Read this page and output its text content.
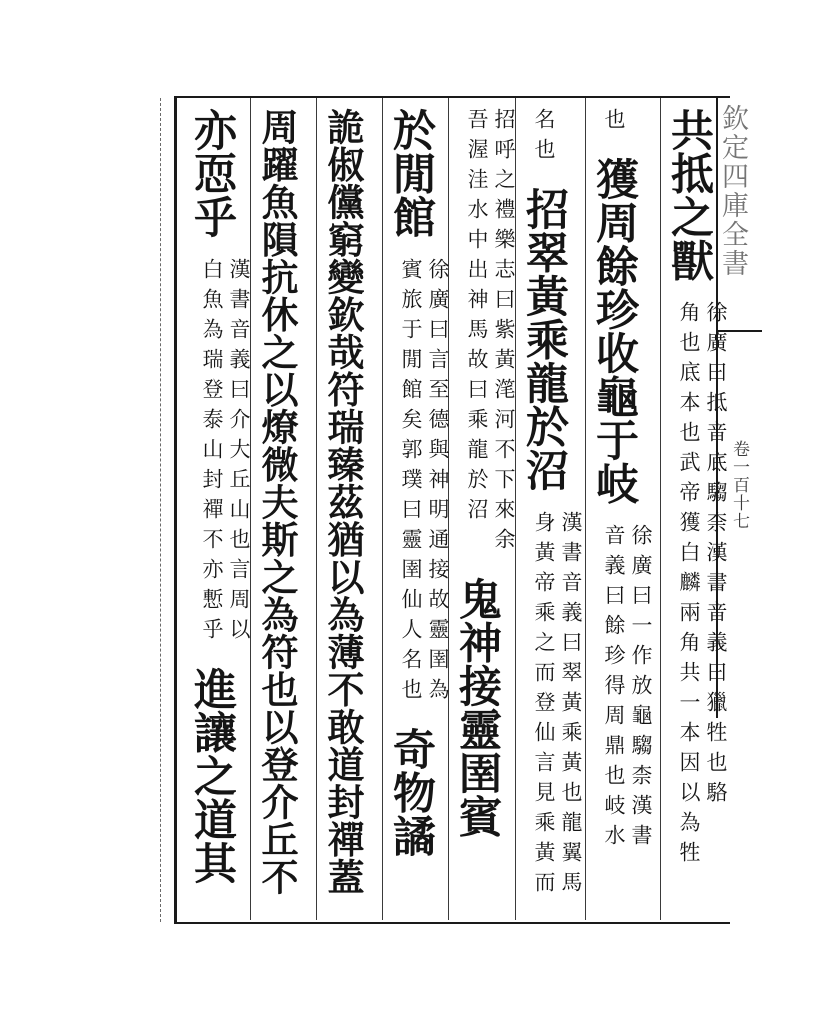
欽定四庫全書
卷一百十七
共抵之獸
徐廣曰抵音底騶柰漢書音義曰獵牲也駱
角也底本也武帝獲白麟兩角共一本因以為牲
也 獲周餘珍收龜于岐
徐廣曰一作放龜騶柰漢書
音義曰餘珍得周鼎也岐水
名也 招翠黃乘龍於沼
漢書音義曰翠黃乘黃也龍翼馬
身黃帝乘之而登仙言見乘黃而
招呼之禮樂志曰紫黃滗河不下來余
吾渥洼水中出神馬故曰乘龍於沼
鬼神接靈圉賓
於閒館
徐廣曰言至德與神明通接故靈圉為
賓旅于閒館矣郭璞曰靈圉仙人名也
奇物譎
詭俶儻窮變欽哉符瑞臻茲猶以為薄不敢道封禪蓋
周躍魚隕抗休之以燎微夫斯之為符也以登介丘不
亦恧乎
漢書音義曰介大丘山也言周以
白魚為瑞登泰山封禪不亦慙乎
進讓之道其
